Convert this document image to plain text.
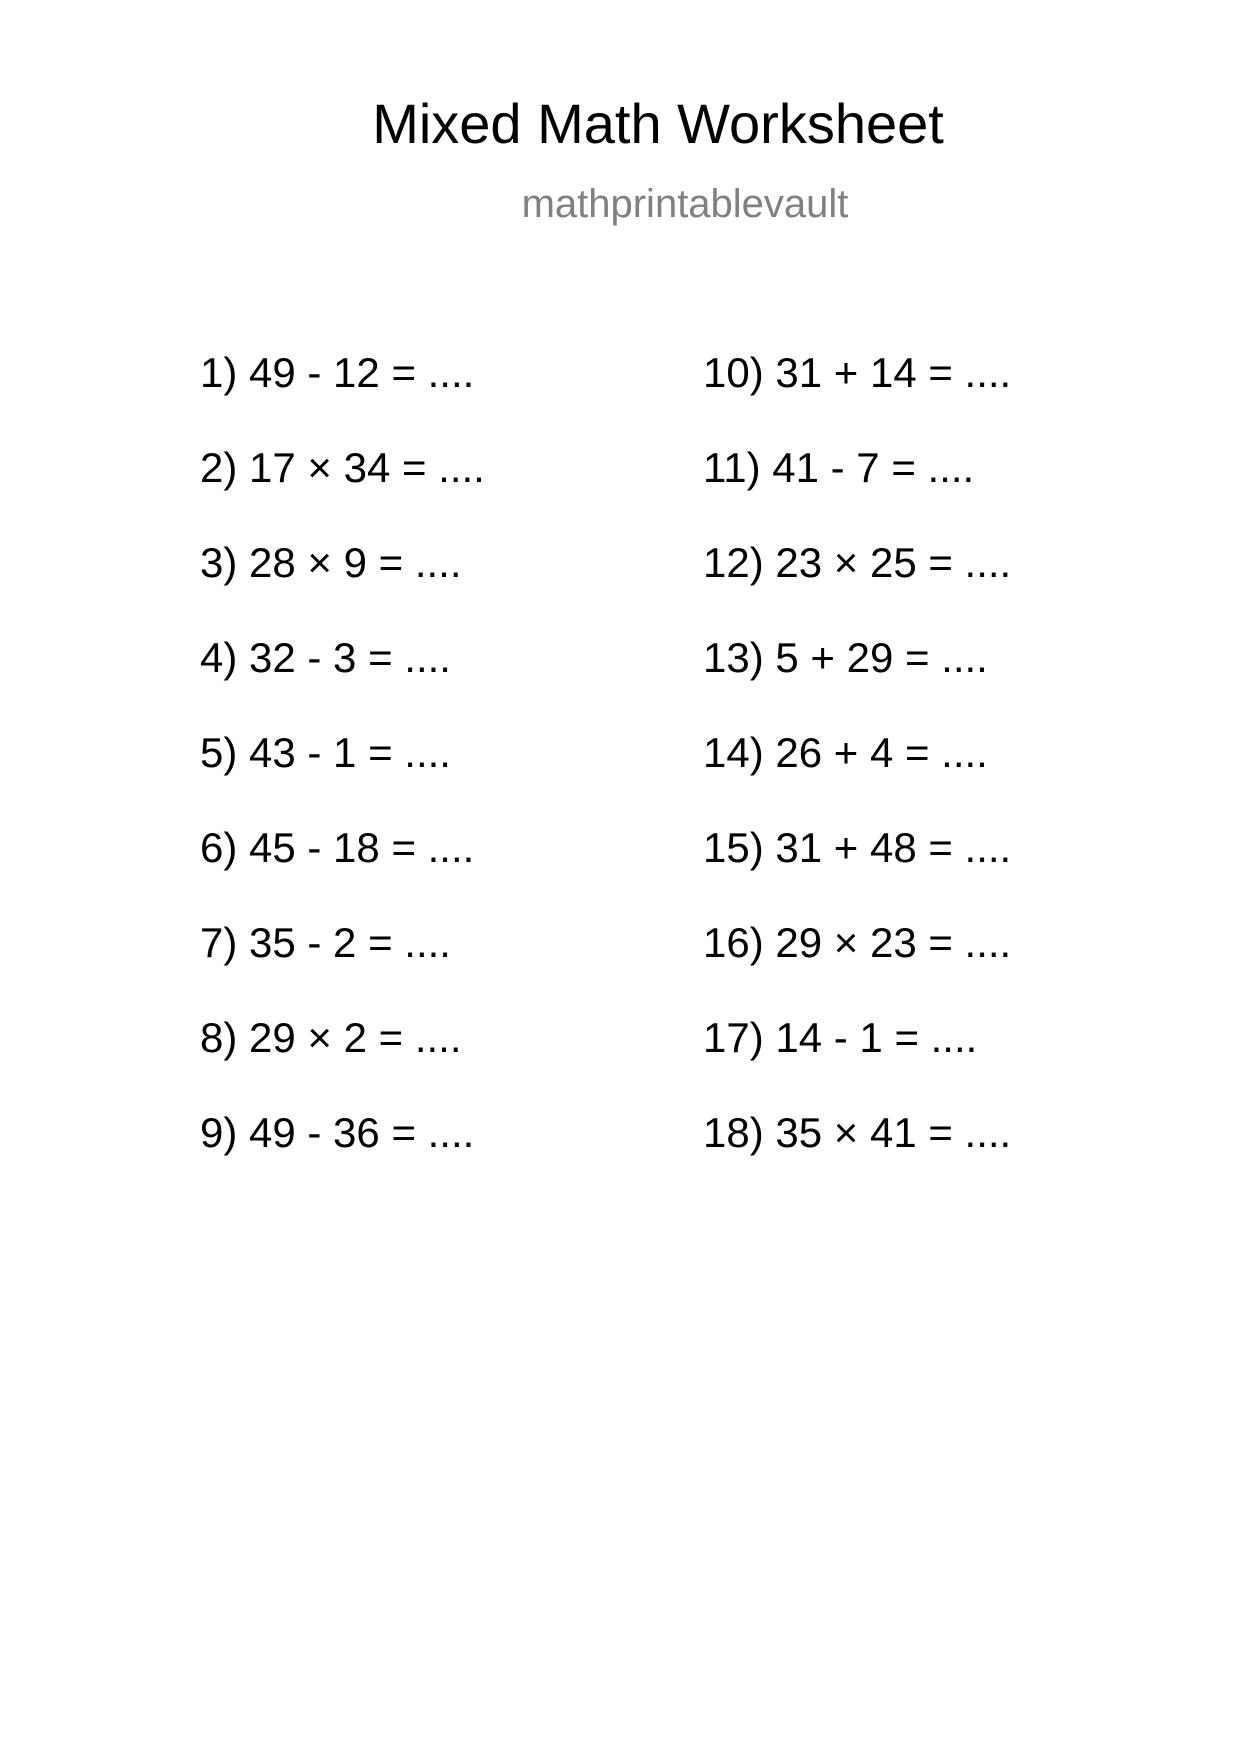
Mixed Math Worksheet
mathprintablevault
1) 49 - 12 = ....
2) 17 × 34 = ....
3) 28 × 9 = ....
4) 32 - 3 = ....
5) 43 - 1 = ....
6) 45 - 18 = ....
7) 35 - 2 = ....
8) 29 × 2 = ....
9) 49 - 36 = ....
10) 31 + 14 = ....
11) 41 - 7 = ....
12) 23 × 25 = ....
13) 5 + 29 = ....
14) 26 + 4 = ....
15) 31 + 48 = ....
16) 29 × 23 = ....
17) 14 - 1 = ....
18) 35 × 41 = ....
